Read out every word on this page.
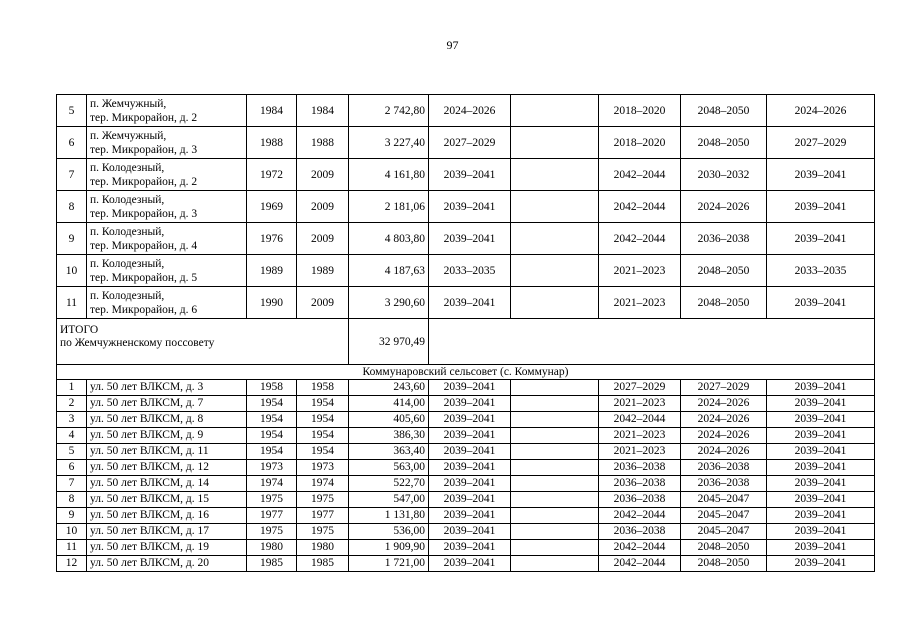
97
5	п. Жемчужный,
тер. Микрорайон, д. 2	1984	1984	2 742,80	2024–2026		2018–2020	2048–2050	2024–2026
6	п. Жемчужный,
тер. Микрорайон, д. 3	1988	1988	3 227,40	2027–2029		2018–2020	2048–2050	2027–2029
7	п. Колодезный,
тер. Микрорайон, д. 2	1972	2009	4 161,80	2039–2041		2042–2044	2030–2032	2039–2041
8	п. Колодезный,
тер. Микрорайон, д. 3	1969	2009	2 181,06	2039–2041		2042–2044	2024–2026	2039–2041
9	п. Колодезный,
тер. Микрорайон, д. 4	1976	2009	4 803,80	2039–2041		2042–2044	2036–2038	2039–2041
10	п. Колодезный,
тер. Микрорайон, д. 5	1989	1989	4 187,63	2033–2035		2021–2023	2048–2050	2033–2035
11	п. Колодезный,
тер. Микрорайон, д. 6	1990	2009	3 290,60	2039–2041		2021–2023	2048–2050	2039–2041

ИТОГО
по Жемчужненскому поссовету				32 970,49					
Коммунаровский сельсовет (с. Коммунар)									
1	ул. 50 лет ВЛКСМ, д. 3	1958	1958	243,60	2039–2041		2027–2029	2027–2029	2039–2041
2	ул. 50 лет ВЛКСМ, д. 7	1954	1954	414,00	2039–2041		2021–2023	2024–2026	2039–2041
3	ул. 50 лет ВЛКСМ, д. 8	1954	1954	405,60	2039–2041		2042–2044	2024–2026	2039–2041
4	ул. 50 лет ВЛКСМ, д. 9	1954	1954	386,30	2039–2041		2021–2023	2024–2026	2039–2041
5	ул. 50 лет ВЛКСМ, д. 11	1954	1954	363,40	2039–2041		2021–2023	2024–2026	2039–2041
6	ул. 50 лет ВЛКСМ, д. 12	1973	1973	563,00	2039–2041		2036–2038	2036–2038	2039–2041
7	ул. 50 лет ВЛКСМ, д. 14	1974	1974	522,70	2039–2041		2036–2038	2036–2038	2039–2041
8	ул. 50 лет ВЛКСМ, д. 15	1975	1975	547,00	2039–2041		2036–2038	2045–2047	2039–2041
9	ул. 50 лет ВЛКСМ, д. 16	1977	1977	1 131,80	2039–2041		2042–2044	2045–2047	2039–2041
10	ул. 50 лет ВЛКСМ, д. 17	1975	1975	536,00	2039–2041		2036–2038	2045–2047	2039–2041
11	ул. 50 лет ВЛКСМ, д. 19	1980	1980	1 909,90	2039–2041		2042–2044	2048–2050	2039–2041
12	ул. 50 лет ВЛКСМ, д. 20	1985	1985	1 721,00	2039–2041		2042–2044	2048–2050	2039–2041
